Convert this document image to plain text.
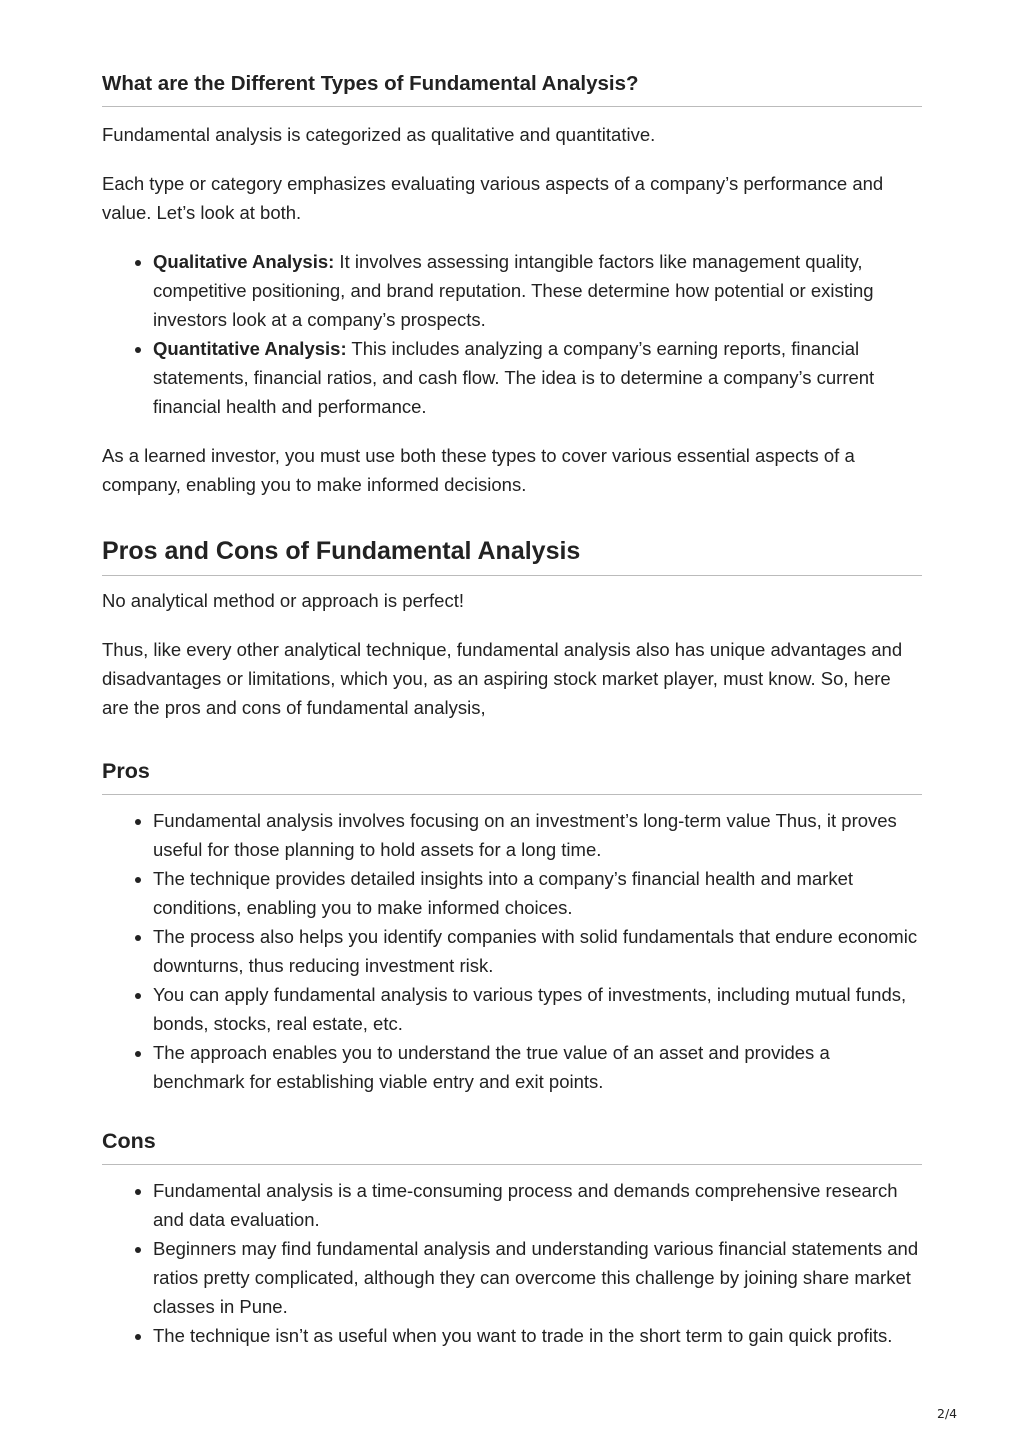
What are the Different Types of Fundamental Analysis?

Fundamental analysis is categorized as qualitative and quantitative.

Each type or category emphasizes evaluating various aspects of a company’s performance and value. Let’s look at both.

• Qualitative Analysis: It involves assessing intangible factors like management quality, competitive positioning, and brand reputation. These determine how potential or existing investors look at a company’s prospects.
• Quantitative Analysis: This includes analyzing a company’s earning reports, financial statements, financial ratios, and cash flow. The idea is to determine a company’s current financial health and performance.

As a learned investor, you must use both these types to cover various essential aspects of a company, enabling you to make informed decisions.

Pros and Cons of Fundamental Analysis

No analytical method or approach is perfect!

Thus, like every other analytical technique, fundamental analysis also has unique advantages and disadvantages or limitations, which you, as an aspiring stock market player, must know. So, here are the pros and cons of fundamental analysis,

Pros
• Fundamental analysis involves focusing on an investment’s long-term value Thus, it proves useful for those planning to hold assets for a long time.
• The technique provides detailed insights into a company’s financial health and market conditions, enabling you to make informed choices.
• The process also helps you identify companies with solid fundamentals that endure economic downturns, thus reducing investment risk.
• You can apply fundamental analysis to various types of investments, including mutual funds, bonds, stocks, real estate, etc.
• The approach enables you to understand the true value of an asset and provides a benchmark for establishing viable entry and exit points.
Cons
• Fundamental analysis is a time-consuming process and demands comprehensive research and data evaluation.
• Beginners may find fundamental analysis and understanding various financial statements and ratios pretty complicated, although they can overcome this challenge by joining share market classes in Pune.
• The technique isn’t as useful when you want to trade in the short term to gain quick profits.
2/4
